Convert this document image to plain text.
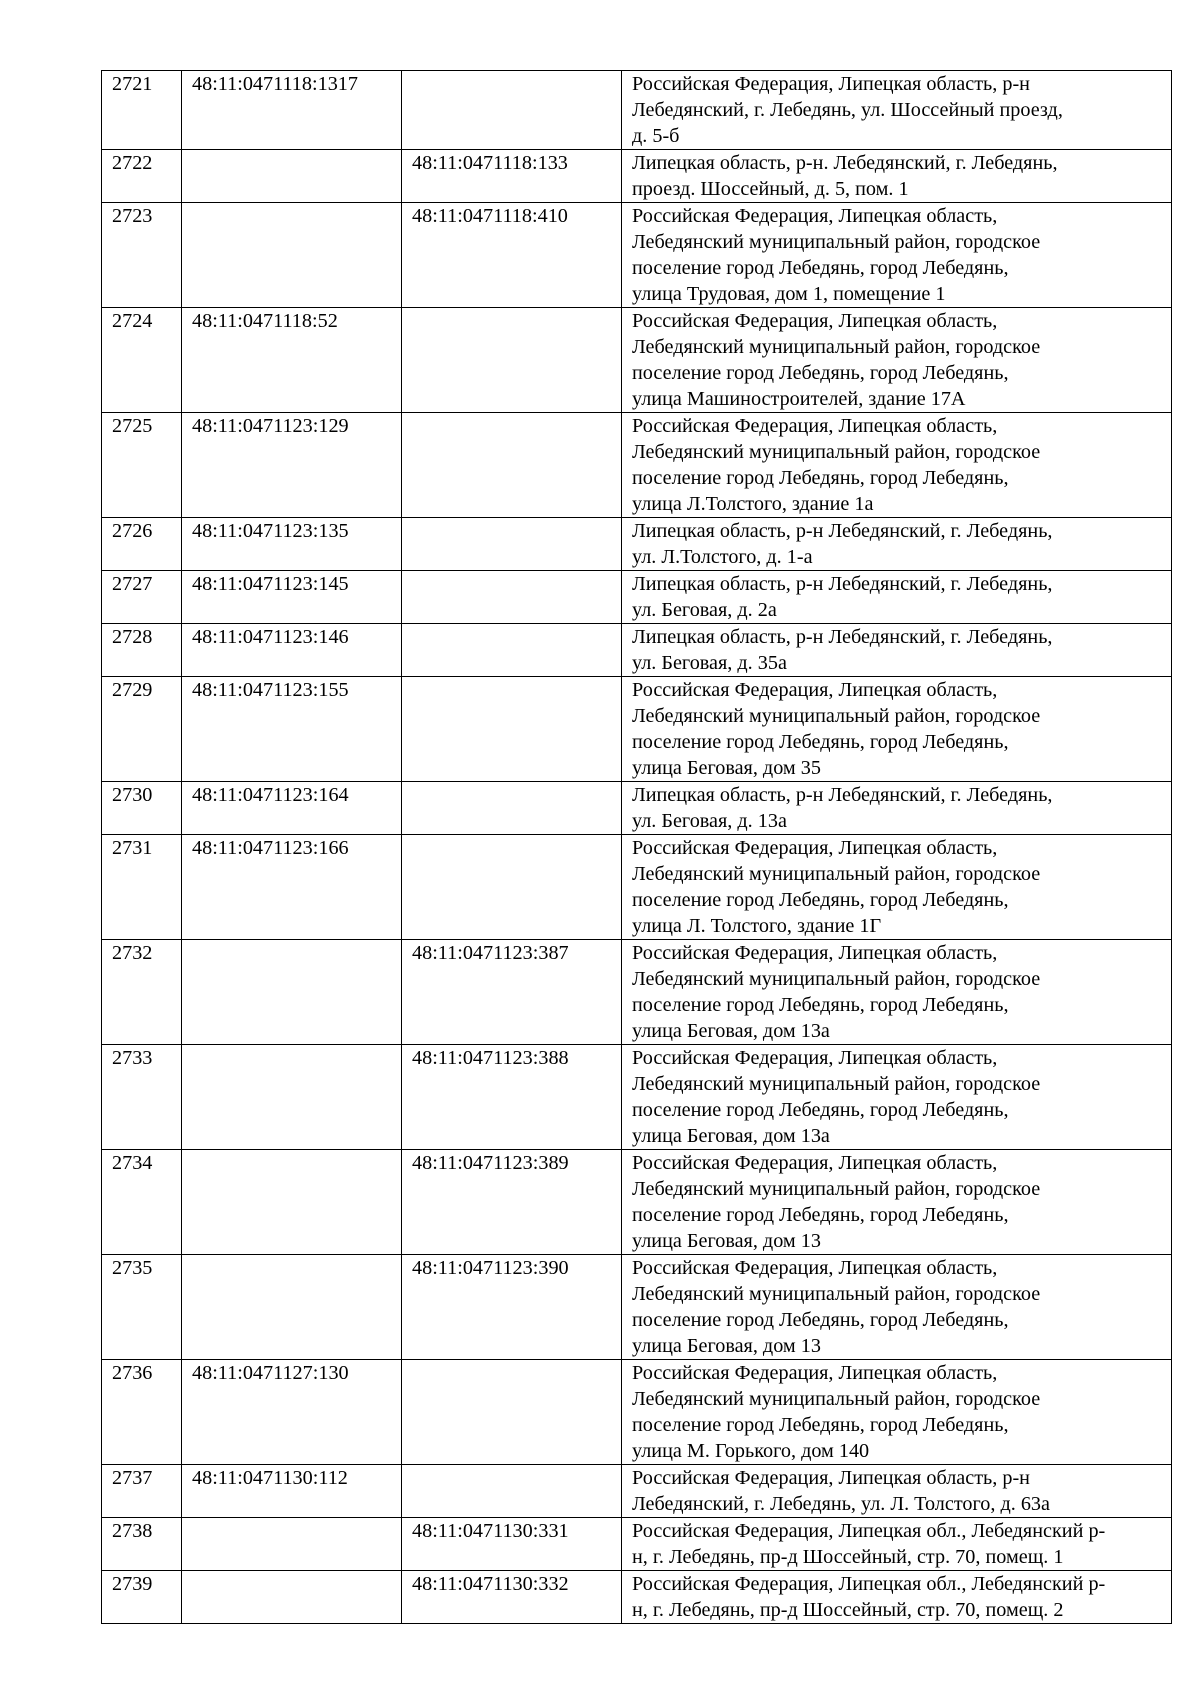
2721	48:11:0471118:1317		Российская Федерация, Липецкая область, р-н
Лебедянский, г. Лебедянь, ул. Шоссейный проезд,
д. 5-б
2722		48:11:0471118:133	Липецкая область, р-н. Лебедянский, г. Лебедянь,
проезд. Шоссейный, д. 5, пом. 1
2723		48:11:0471118:410	Российская Федерация, Липецкая область,
Лебедянский муниципальный район, городское
поселение город Лебедянь, город Лебедянь,
улица Трудовая, дом 1, помещение 1
2724	48:11:0471118:52		Российская Федерация, Липецкая область,
Лебедянский муниципальный район, городское
поселение город Лебедянь, город Лебедянь,
улица Машиностроителей, здание 17А
2725	48:11:0471123:129		Российская Федерация, Липецкая область,
Лебедянский муниципальный район, городское
поселение город Лебедянь, город Лебедянь,
улица Л.Толстого, здание 1а
2726	48:11:0471123:135		Липецкая область, р-н Лебедянский, г. Лебедянь,
ул. Л.Толстого, д. 1-а
2727	48:11:0471123:145		Липецкая область, р-н Лебедянский, г. Лебедянь,
ул. Беговая, д. 2а
2728	48:11:0471123:146		Липецкая область, р-н Лебедянский, г. Лебедянь,
ул. Беговая, д. 35а
2729	48:11:0471123:155		Российская Федерация, Липецкая область,
Лебедянский муниципальный район, городское
поселение город Лебедянь, город Лебедянь,
улица Беговая, дом 35
2730	48:11:0471123:164		Липецкая область, р-н Лебедянский, г. Лебедянь,
ул. Беговая, д. 13а
2731	48:11:0471123:166		Российская Федерация, Липецкая область,
Лебедянский муниципальный район, городское
поселение город Лебедянь, город Лебедянь,
улица Л. Толстого, здание 1Г
2732		48:11:0471123:387	Российская Федерация, Липецкая область,
Лебедянский муниципальный район, городское
поселение город Лебедянь, город Лебедянь,
улица Беговая, дом 13а
2733		48:11:0471123:388	Российская Федерация, Липецкая область,
Лебедянский муниципальный район, городское
поселение город Лебедянь, город Лебедянь,
улица Беговая, дом 13а
2734		48:11:0471123:389	Российская Федерация, Липецкая область,
Лебедянский муниципальный район, городское
поселение город Лебедянь, город Лебедянь,
улица Беговая, дом 13
2735		48:11:0471123:390	Российская Федерация, Липецкая область,
Лебедянский муниципальный район, городское
поселение город Лебедянь, город Лебедянь,
улица Беговая, дом 13
2736	48:11:0471127:130		Российская Федерация, Липецкая область,
Лебедянский муниципальный район, городское
поселение город Лебедянь, город Лебедянь,
улица М. Горького, дом 140
2737	48:11:0471130:112		Российская Федерация, Липецкая область, р-н
Лебедянский, г. Лебедянь, ул. Л. Толстого, д. 63а
2738		48:11:0471130:331	Российская Федерация, Липецкая обл., Лебедянский р-
н, г. Лебедянь, пр-д Шоссейный, стр. 70, помещ. 1
2739		48:11:0471130:332	Российская Федерация, Липецкая обл., Лебедянский р-
н, г. Лебедянь, пр-д Шоссейный, стр. 70, помещ. 2
